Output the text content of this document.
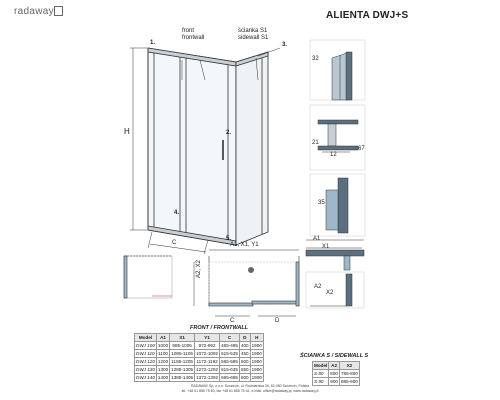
radaway	ALIENTA DWJ+S
front
frontwall
ścianka S1
sidewall S1
1.	3.
2.
4.
5.
H
C	A1, X1, Y1
A2, X2
C	D
32
21
67
12
35
A1
X1
A2
X2
FRONT / FRONTWALL
Model	A1	X1	Y1	C	D	H
DWJ 100	1000	985-1005	972-992	465-485	400	1900
DWJ 110	1100	1085-1105	1072-1092	515-535	450	1900
DWJ 120	1200	1185-1205	1172-1192	565-585	500	1900
DWJ 130	1300	1285-1305	1272-1292	615-635	550	1900
DWJ 140	1400	1385-1405	1372-1392	665-685	600	1900
ŚCIANKA S / SIDEWALL S
Model	A2	X2
S 80	800	785-800
S 90	900	885-900
RADAWAY Sp. z o.o. Szczecin, ul. Rudniańska 39, 62-050 Szczecin, Polska
tel. +48 61 855 75 60, fax +48 61 855 75 61, e-mail: office@radaway.pl, www.radaway.pl
